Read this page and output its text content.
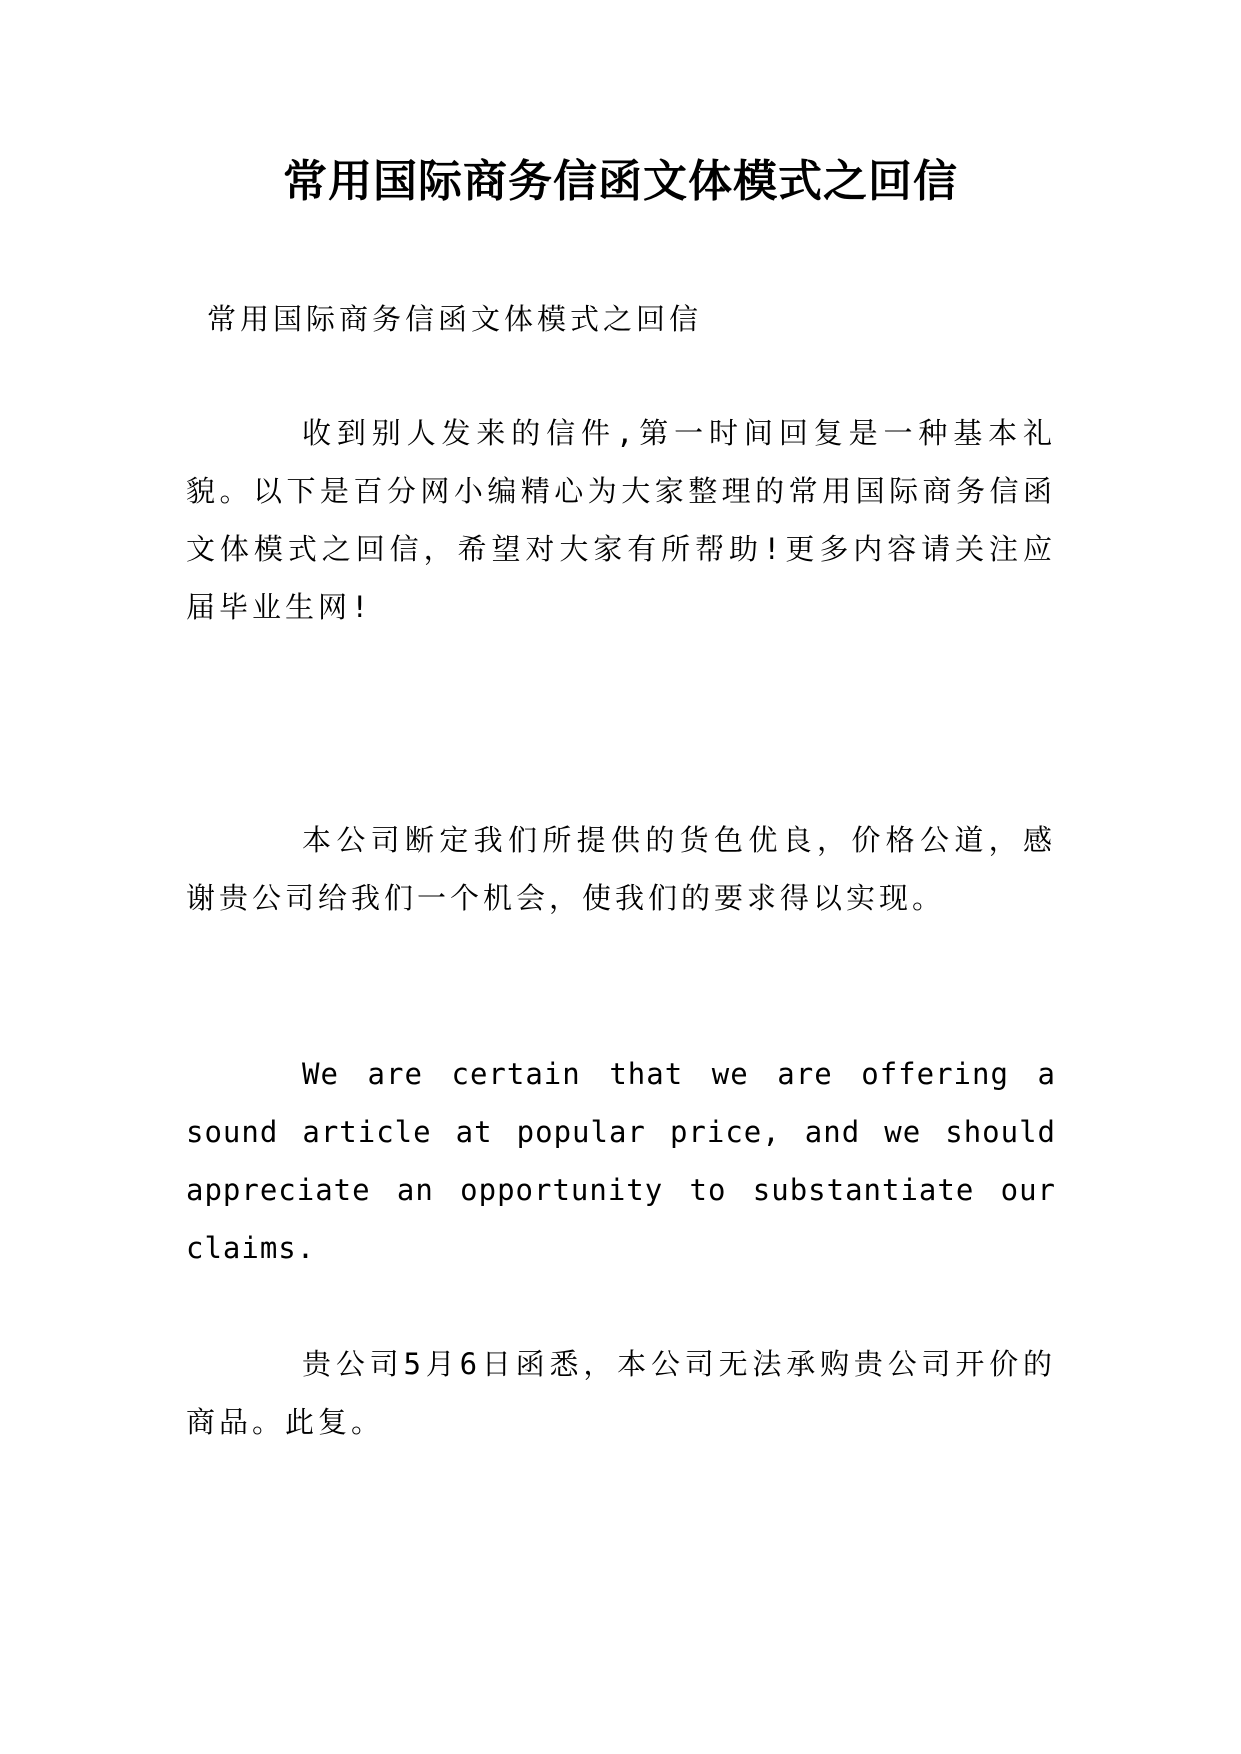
常用国际商务信函文体模式之回信

常用国际商务信函文体模式之回信

收到别人发来的信件,第一时间回复是一种基本礼貌。以下是百分网小编精心为大家整理的常用国际商务信函文体模式之回信，希望对大家有所帮助!更多内容请关注应届毕业生网!

本公司断定我们所提供的货色优良，价格公道，感谢贵公司给我们一个机会，使我们的要求得以实现。

We are certain that we are offering a sound article at popular price, and we should appreciate an opportunity to substantiate our claims.

贵公司5月6日函悉，本公司无法承购贵公司开价的商品。此复。
